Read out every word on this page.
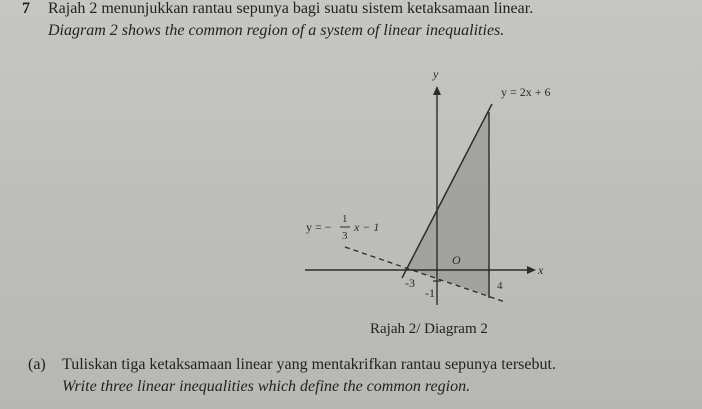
7 Rajah 2 menunjukkan rantau sepunya bagi suatu sistem ketaksamaan linear.
Diagram 2 shows the common region of a system of linear inequalities.
y
x
O
y = 2x + 6
y = −
1
3
x − 1
-3	4
-1
Rajah 2/ Diagram 2
(a) Tuliskan tiga ketaksamaan linear yang mentakrifkan rantau sepunya tersebut.
Write three linear inequalities which define the common region.
